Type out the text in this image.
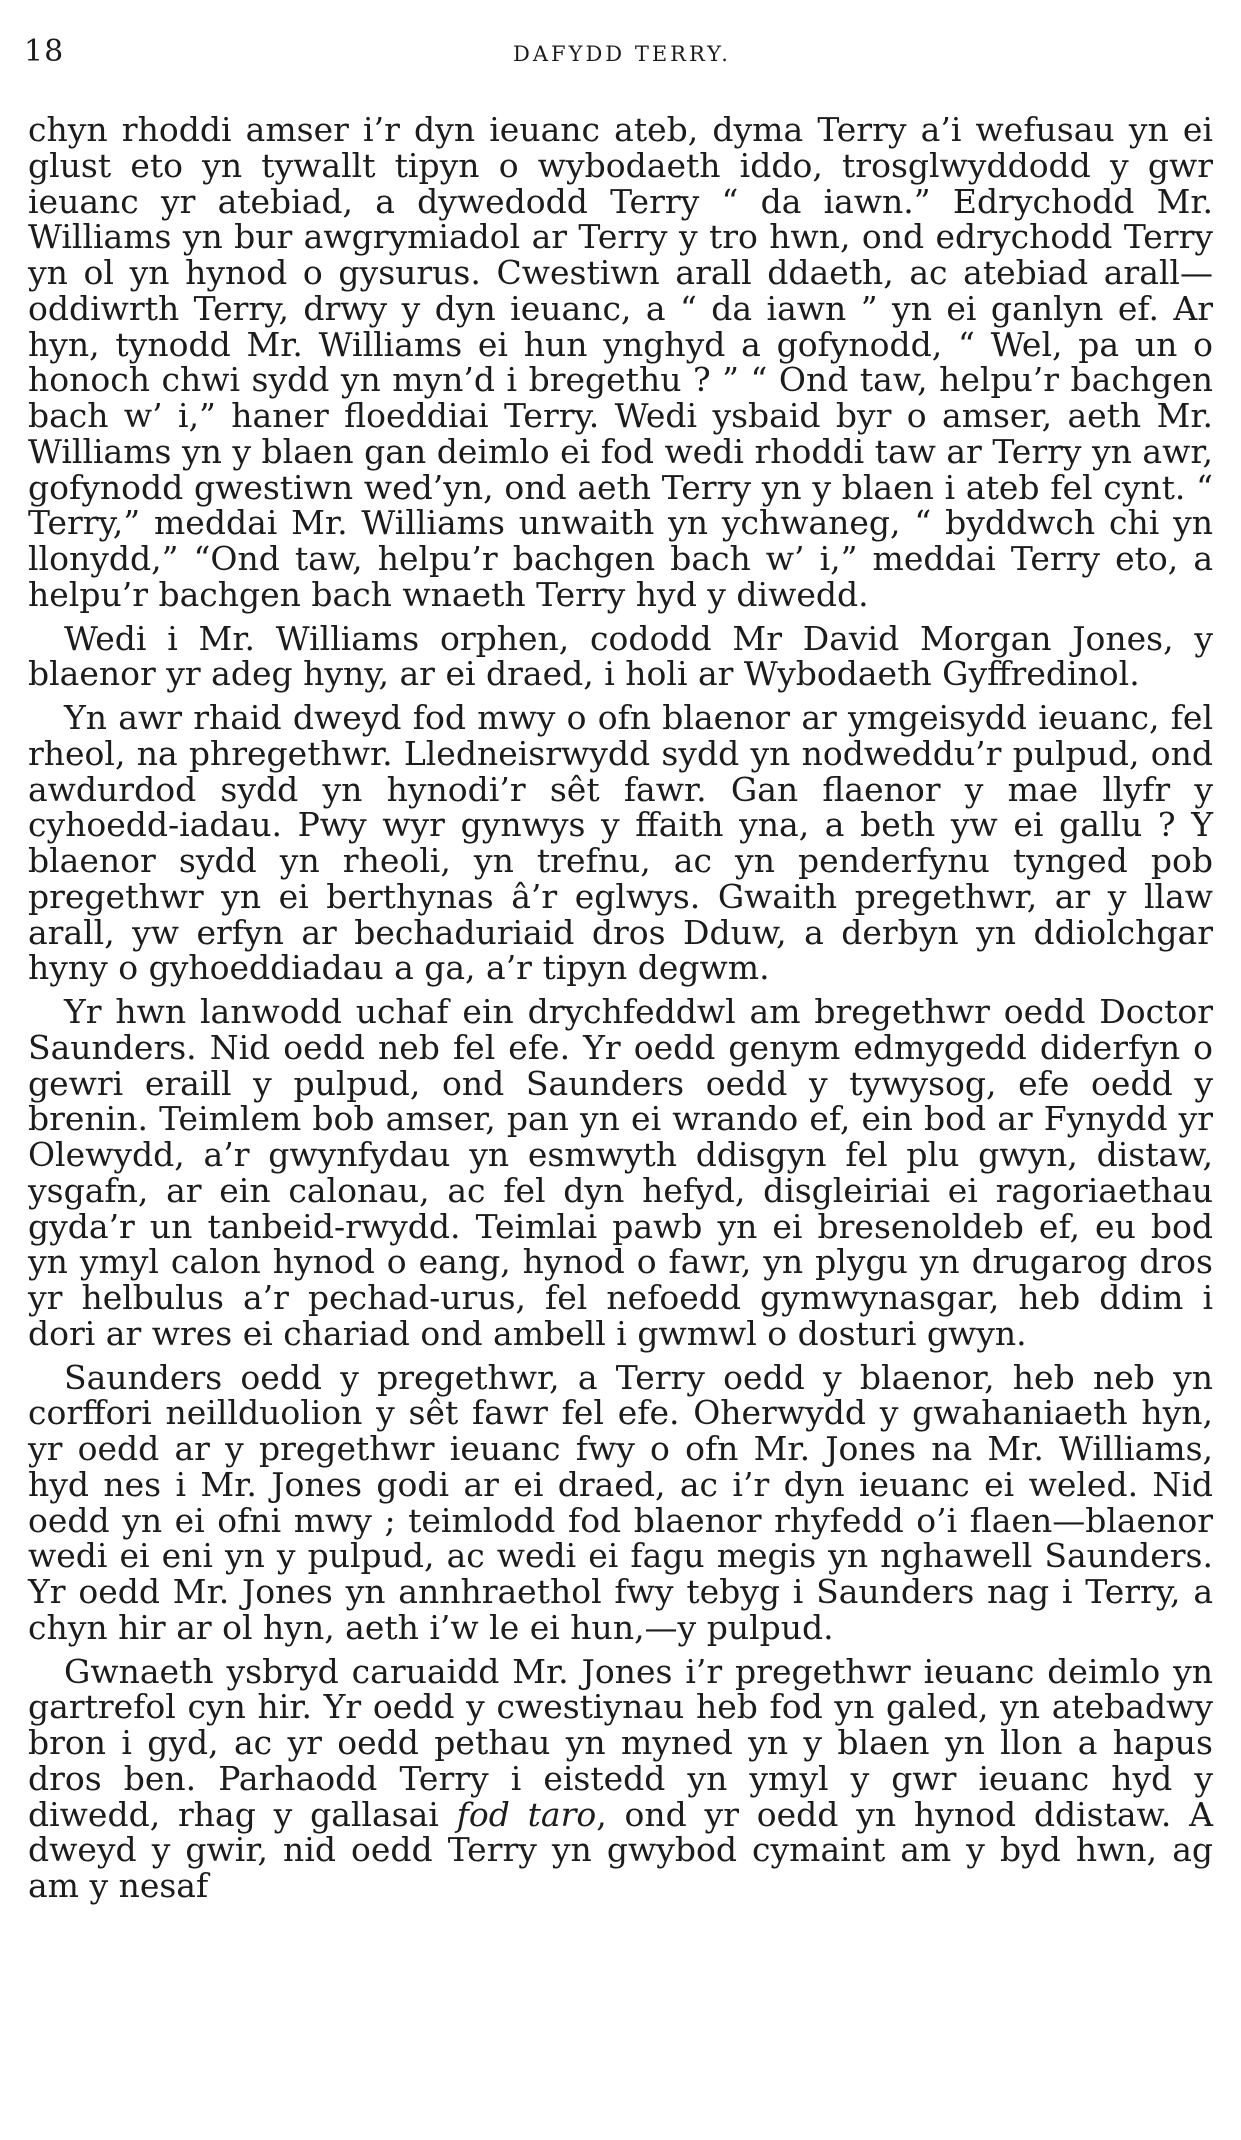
18	DAFYDD TERRY.

chyn rhoddi amser i’r dyn ieuanc ateb, dyma Terry a’i wefusau yn ei glust eto yn tywallt tipyn o wybodaeth iddo, trosglwyddodd y gwr ieuanc yr atebiad, a dywedodd Terry “ da iawn.” Edrychodd Mr. Williams yn bur awgrymiadol ar Terry y tro hwn, ond edrychodd Terry yn ol yn hynod o gysurus. Cwestiwn arall ddaeth, ac atebiad arall—oddiwrth Terry, drwy y dyn ieuanc, a “ da iawn ” yn ei ganlyn ef. Ar hyn, tynodd Mr. Williams ei hun ynghyd a gofynodd, “ Wel, pa un o honoch chwi sydd yn myn’d i bregethu ? ” “ Ond taw, helpu’r bachgen bach w’ i,” haner floeddiai Terry. Wedi ysbaid byr o amser, aeth Mr. Williams yn y blaen gan deimlo ei fod wedi rhoddi taw ar Terry yn awr, gofynodd gwestiwn wed’yn, ond aeth Terry yn y blaen i ateb fel cynt. “ Terry,” meddai Mr. Williams unwaith yn ychwaneg, “ byddwch chi yn llonydd,” “Ond taw, helpu’r bachgen bach w’ i,” meddai Terry eto, a helpu’r bachgen bach wnaeth Terry hyd y diwedd.

Wedi i Mr. Williams orphen, cododd Mr David Morgan Jones, y blaenor yr adeg hyny, ar ei draed, i holi ar Wybodaeth Gyffredinol.

Yn awr rhaid dweyd fod mwy o ofn blaenor ar ymgeisydd ieuanc, fel rheol, na phregethwr. Lledneisrwydd sydd yn nodweddu’r pulpud, ond awdurdod sydd yn hynodi’r sêt fawr. Gan flaenor y mae llyfr y cyhoedd-iadau. Pwy wyr gynwys y ffaith yna, a beth yw ei gallu ? Y blaenor sydd yn rheoli, yn trefnu, ac yn penderfynu tynged pob pregethwr yn ei berthynas â’r eglwys. Gwaith pregethwr, ar y llaw arall, yw erfyn ar bechaduriaid dros Dduw, a derbyn yn ddiolchgar hyny o gyhoeddiadau a ga, a’r tipyn degwm.

Yr hwn lanwodd uchaf ein drychfeddwl am bregethwr oedd Doctor Saunders. Nid oedd neb fel efe. Yr oedd genym edmygedd diderfyn o gewri eraill y pulpud, ond Saunders oedd y tywysog, efe oedd y brenin. Teimlem bob amser, pan yn ei wrando ef, ein bod ar Fynydd yr Olewydd, a’r gwynfydau yn esmwyth ddisgyn fel plu gwyn, distaw, ysgafn, ar ein calonau, ac fel dyn hefyd, disgleiriai ei ragoriaethau gyda’r un tanbeid-rwydd. Teimlai pawb yn ei bresenoldeb ef, eu bod yn ymyl calon hynod o eang, hynod o fawr, yn plygu yn drugarog dros yr helbulus a’r pechad-urus, fel nefoedd gymwynasgar, heb ddim i dori ar wres ei chariad ond ambell i gwmwl o dosturi gwyn.

Saunders oedd y pregethwr, a Terry oedd y blaenor, heb neb yn corffori neillduolion y sêt fawr fel efe. Oherwydd y gwahaniaeth hyn, yr oedd ar y pregethwr ieuanc fwy o ofn Mr. Jones na Mr. Williams, hyd nes i Mr. Jones godi ar ei draed, ac i’r dyn ieuanc ei weled. Nid oedd yn ei ofni mwy ; teimlodd fod blaenor rhyfedd o’i flaen—blaenor wedi ei eni yn y pulpud, ac wedi ei fagu megis yn nghawell Saunders. Yr oedd Mr. Jones yn annhraethol fwy tebyg i Saunders nag i Terry, a chyn hir ar ol hyn, aeth i’w le ei hun,—y pulpud.

Gwnaeth ysbryd caruaidd Mr. Jones i’r pregethwr ieuanc deimlo yn gartrefol cyn hir. Yr oedd y cwestiynau heb fod yn galed, yn atebadwy bron i gyd, ac yr oedd pethau yn myned yn y blaen yn llon a hapus dros ben. Parhaodd Terry i eistedd yn ymyl y gwr ieuanc hyd y diwedd, rhag y gallasai fod taro, ond yr oedd yn hynod ddistaw. A dweyd y gwir, nid oedd Terry yn gwybod cymaint am y byd hwn, ag am y nesaf
